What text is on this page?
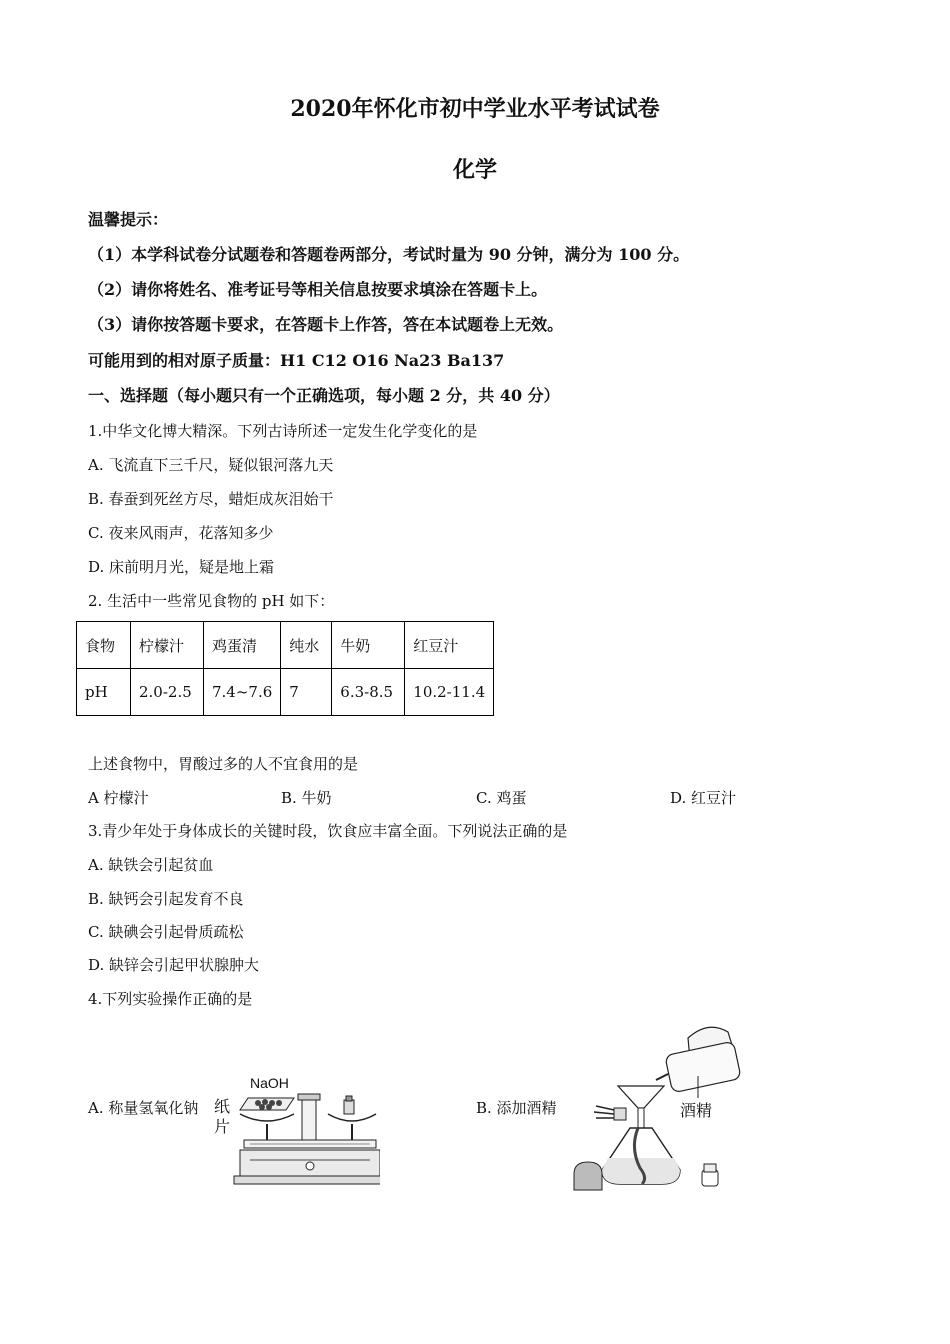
2020年怀化市初中学业水平考试试卷
化学
温馨提示：
（1）本学科试卷分试题卷和答题卷两部分，考试时量为 90 分钟，满分为 100 分。
（2）请你将姓名、准考证号等相关信息按要求填涂在答题卡上。
（3）请你按答题卡要求，在答题卡上作答，答在本试题卷上无效。
可能用到的相对原子质量：H1 C12 O16 Na23 Ba137
一、选择题（每小题只有一个正确选项，每小题 2 分，共 40 分）
1.中华文化博大精深。下列古诗所述一定发生化学变化的是
A. 飞流直下三千尺，疑似银河落九天
B. 春蚕到死丝方尽，蜡炬成灰泪始干
C. 夜来风雨声，花落知多少
D. 床前明月光，疑是地上霜
2. 生活中一些常见食物的 pH 如下：
食物	柠檬汁	鸡蛋清	纯水	牛奶	红豆汁
pH	2.0-2.5	7.4~7.6	7	6.3-8.5	10.2-11.4
上述食物中，胃酸过多的人不宜食用的是
A 柠檬汁	B. 牛奶	C. 鸡蛋	D. 红豆汁
3.青少年处于身体成长的关键时段，饮食应丰富全面。下列说法正确的是
A. 缺铁会引起贫血
B. 缺钙会引起发育不良
C. 缺碘会引起骨质疏松
D. 缺锌会引起甲状腺肿大
4.下列实验操作正确的是
A. 称量氢氧化钠	B. 添加酒精
NaOH
纸
片
酒精
